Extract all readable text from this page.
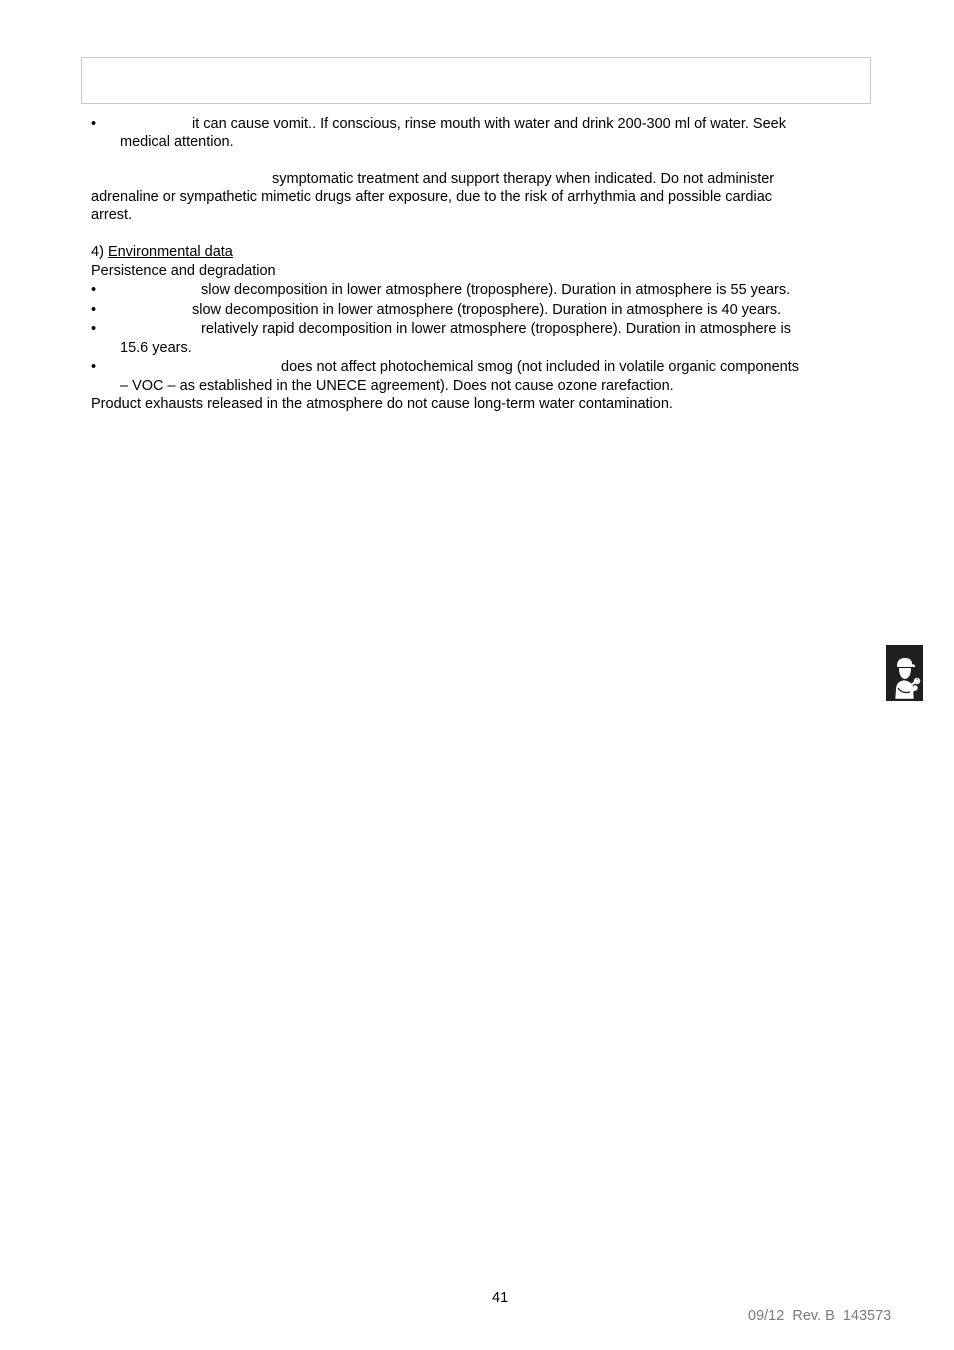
•	it can cause vomit.. If conscious, rinse mouth with water and drink 200-300 ml of water. Seek
medical attention.
symptomatic treatment and support therapy when indicated. Do not administer
adrenaline or sympathetic mimetic drugs after exposure, due to the risk of arrhythmia and possible cardiac
arrest.
4) Environmental data
Persistence and degradation
•	slow decomposition in lower atmosphere (troposphere). Duration in atmosphere is 55 years.
•	slow decomposition in lower atmosphere (troposphere). Duration in atmosphere is 40 years.
•	relatively rapid decomposition in lower atmosphere (troposphere). Duration in atmosphere is
15.6 years.
•	does not affect photochemical smog (not included in volatile organic components
– VOC – as established in the UNECE agreement). Does not cause ozone rarefaction.
Product exhausts released in the atmosphere do not cause long-term water contamination.
41
09/12  Rev. B  143573
